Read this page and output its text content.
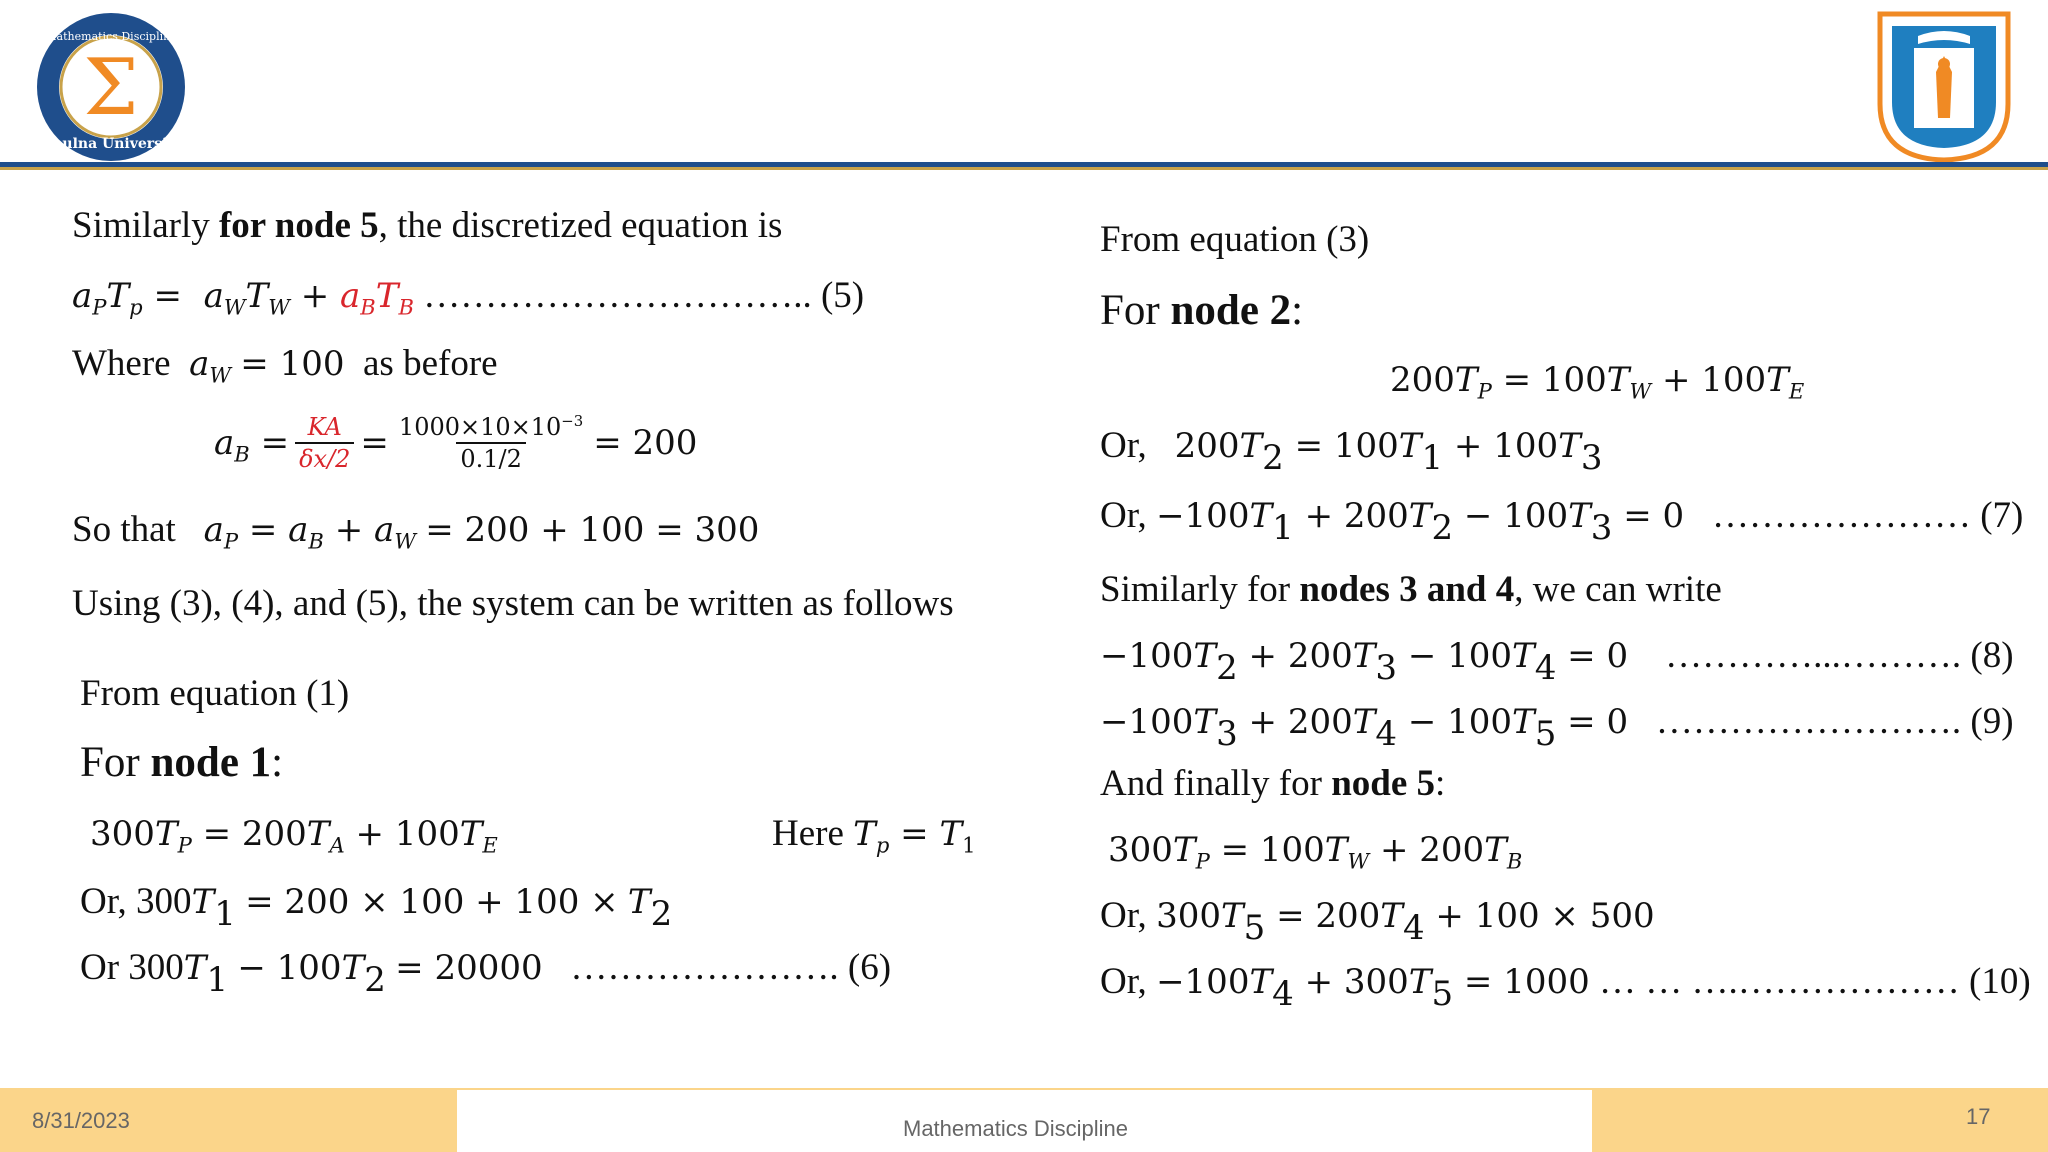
Σ
Mathematics Discipline
Khulna University
Similarly for node 5, the discretized equation is
$a_PT_p = a_WT_W + a_BT_B$ ………………………….. (5)
Where $a_W = 100$ as before
$a_B = \frac{KA}{\delta x/2} = \frac{1000\times 10\times 10^{-3}}{0.1/2} = 200$
So that $a_P = a_B + a_W = 200 + 100 = 300$
Using (3), (4), and (5), the system can be written as follows
From equation (1)
For node 1:
$300T_P = 200T_A + 100T_E$	Here $T_p = T_1$
Or, $300T_1 = 200 \times 100 + 100 \times T_2$
Or $300T_1 - 100T_2 = 20000$ …………………. (6)
From equation (3)
For node 2:
$200T_P = 100T_W + 100T_E$
Or, $200T_2 = 100T_1 + 100T_3$
Or, $-100T_1 + 200T_2 - 100T_3 = 0$ ………………… (7)
Similarly for nodes 3 and 4, we can write
$-100T_2 + 200T_3 - 100T_4 = 0$ …………...………. (8)
$-100T_3 + 200T_4 - 100T_5 = 0$ ……………………. (9)
And finally for node 5:
$300T_P = 100T_W + 200T_B$
Or, $300T_5 = 200T_4 + 100 \times 500$
Or, $-100T_4 + 300T_5 = 1000$ … … ….……………… (10)
8/31/2023	Mathematics Discipline	17
